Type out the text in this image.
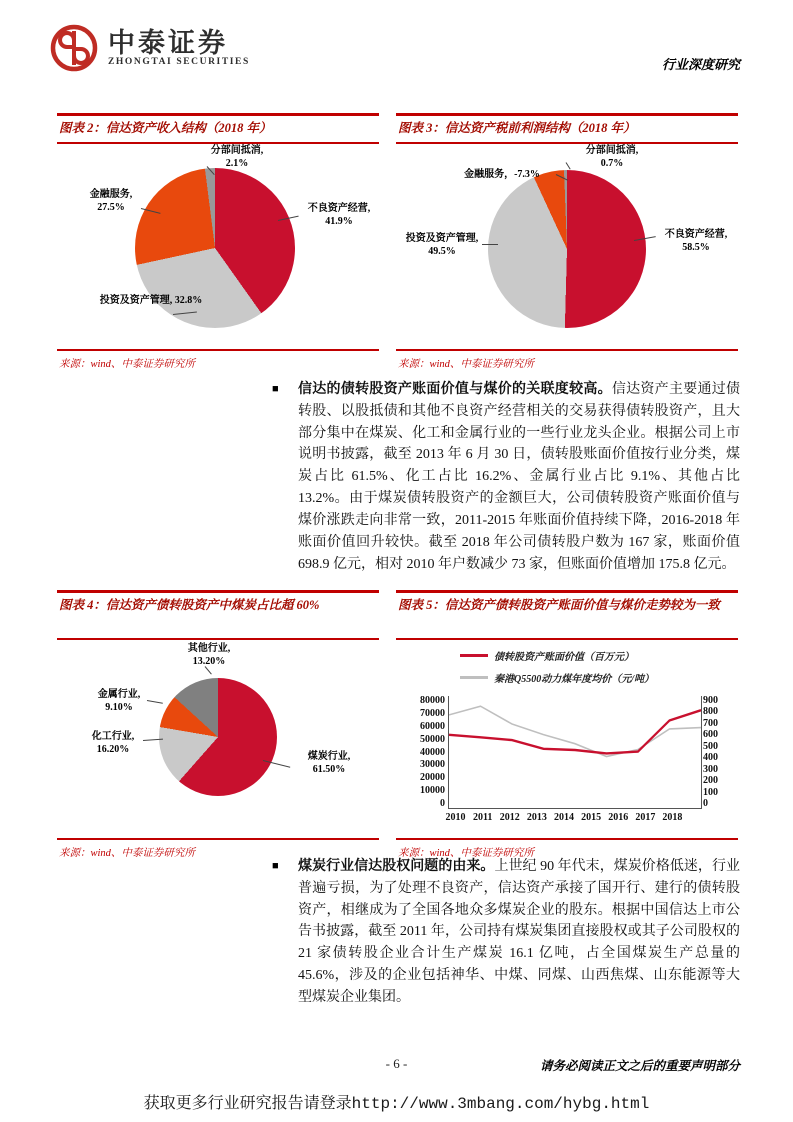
中泰证券
ZHONGTAI SECURITIES	行业深度研究
图表 2：信达资产收入结构（2018 年）
分部间抵消,
2.1%
不良资产经营,
41.9%
金融服务,
27.5%
投资及资产管理, 32.8%
来源：wind、中泰证券研究所
图表 3：信达资产税前利润结构（2018 年）
分部间抵消,
0.7%
金融服务，-7.3%
投资及资产管理,
49.5%
不良资产经营,
58.5%
来源：wind、中泰证券研究所
■	信达的债转股资产账面价值与煤价的关联度较高。信达资产主要通过债转股、以股抵债和其他不良资产经营相关的交易获得债转股资产，且大部分集中在煤炭、化工和金属行业的一些行业龙头企业。根据公司上市说明书披露，截至 2013 年 6 月 30 日，债转股账面价值按行业分类，煤炭占比 61.5%、化工占比 16.2%、金属行业占比 9.1%、其他占比 13.2%。由于煤炭债转股资产的金额巨大，公司债转股资产账面价值与煤价涨跌走向非常一致，2011-2015 年账面价值持续下降，2016-2018 年账面价值回升较快。截至 2018 年公司债转股户数为 167 家，账面价值 698.9 亿元，相对 2010 年户数减少 73 家，但账面价值增加 175.8 亿元。
图表 4：信达资产债转股资产中煤炭占比超 60%
其他行业,
13.20%
金属行业,
9.10%
化工行业,
16.20%
煤炭行业,
61.50%
来源：wind、中泰证券研究所
图表 5：信达资产债转股资产账面价值与煤价走势较为一致
债转股资产账面价值（百万元）
秦港Q5500动力煤年度均价（元/吨）
80000
70000
60000
50000
40000
30000
20000
10000
0
900
800
700
600
500
400
300
200
100
0
2010 2011 2012 2013 2014 2015 2016 2017 2018
来源：wind、中泰证券研究所
■	煤炭行业信达股权问题的由来。上世纪 90 年代末，煤炭价格低迷，行业普遍亏损，为了处理不良资产，信达资产承接了国开行、建行的债转股资产，相继成为了全国各地众多煤炭企业的股东。根据中国信达上市公告书披露，截至 2011 年，公司持有煤炭集团直接股权或其子公司股权的 21 家债转股企业合计生产煤炭 16.1 亿吨，占全国煤炭生产总量的 45.6%，涉及的企业包括神华、中煤、同煤、山西焦煤、山东能源等大型煤炭企业集团。
- 6 -	请务必阅读正文之后的重要声明部分
获取更多行业研究报告请登录http://www.3mbang.com/hybg.html
